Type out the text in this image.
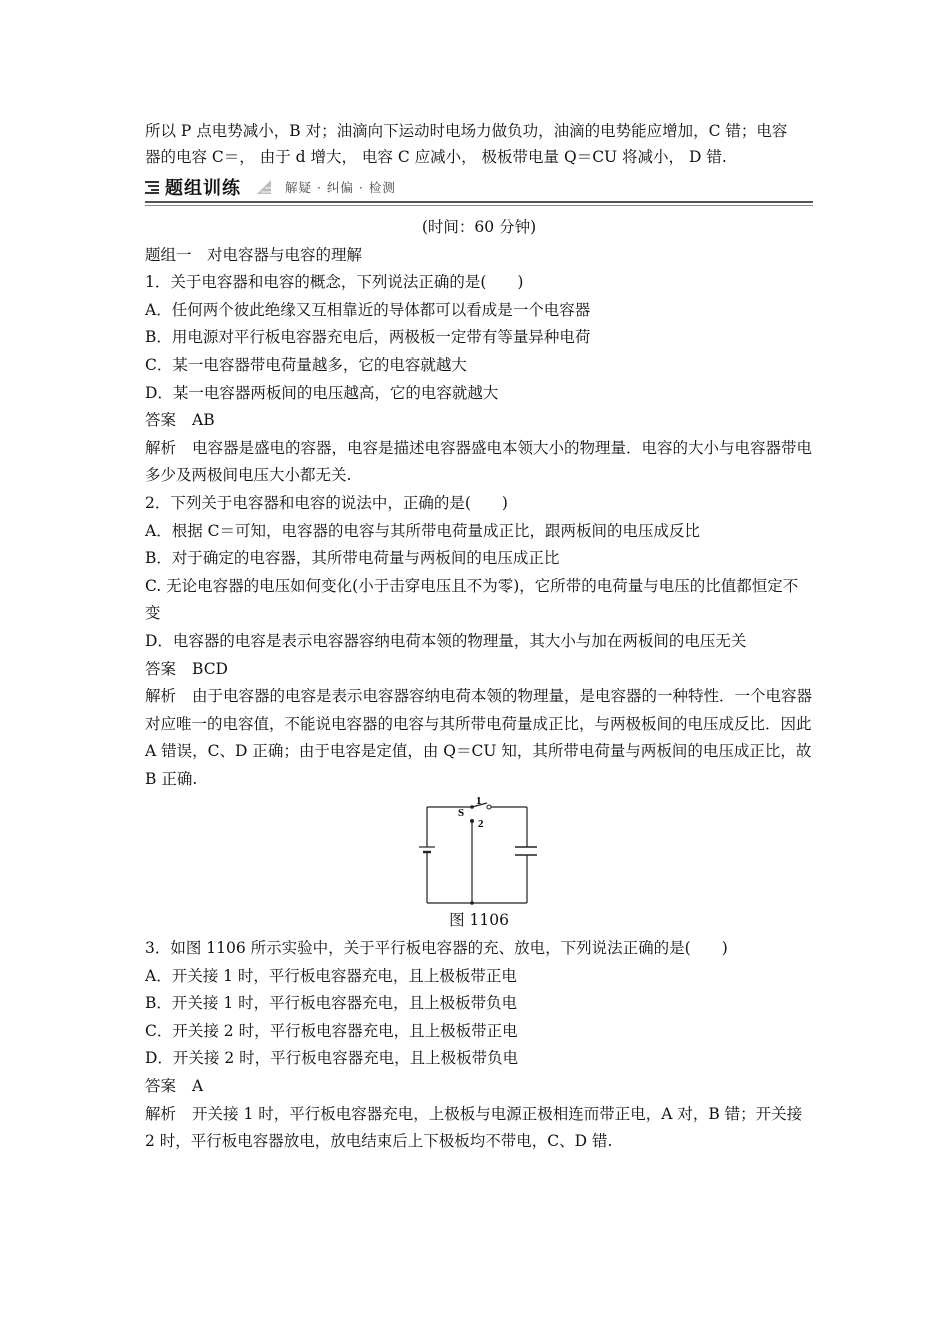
所以 P 点电势减小，B 对；油滴向下运动时电场力做负功，油滴的电势能应增加，C 错；电容
器的电容 C＝， 由于 d 增大， 电容 C 应减小， 极板带电量 Q＝CU 将减小， D 错.
题组训练	解疑 · 纠偏 · 检测
(时间：60 分钟)
题组一　对电容器与电容的理解
1．关于电容器和电容的概念，下列说法正确的是(　　)
A．任何两个彼此绝缘又互相靠近的导体都可以看成是一个电容器
B．用电源对平行板电容器充电后，两极板一定带有等量异种电荷
C．某一电容器带电荷量越多，它的电容就越大
D．某一电容器两板间的电压越高，它的电容就越大
答案 AB
解析 电容器是盛电的容器，电容是描述电容器盛电本领大小的物理量．电容的大小与电容器带电多少及两极间电压大小都无关.
2．下列关于电容器和电容的说法中，正确的是(　　)
A．根据 C＝可知，电容器的电容与其所带电荷量成正比，跟两板间的电压成反比
B．对于确定的电容器，其所带电荷量与两板间的电压成正比
C. 无论电容器的电压如何变化(小于击穿电压且不为零)，它所带的电荷量与电压的比值都恒定不变
D．电容器的电容是表示电容器容纳电荷本领的物理量，其大小与加在两板间的电压无关
答案 BCD
解析 由于电容器的电容是表示电容器容纳电荷本领的物理量，是电容器的一种特性．一个电容器对应唯一的电容值，不能说电容器的电容与其所带电荷量成正比，与两极板间的电压成反比．因此 A 错误，C、D 正确；由于电容是定值，由 Q＝CU 知，其所带电荷量与两板间的电压成正比，故 B 正确.
S
1
2
图 1106
3．如图 1106 所示实验中，关于平行板电容器的充、放电，下列说法正确的是(　　)
A．开关接 1 时，平行板电容器充电，且上极板带正电
B．开关接 1 时，平行板电容器充电，且上极板带负电
C．开关接 2 时，平行板电容器充电，且上极板带正电
D．开关接 2 时，平行板电容器充电，且上极板带负电
答案 A
解析 开关接 1 时，平行板电容器充电，上极板与电源正极相连而带正电，A 对，B 错；开关接 2 时，平行板电容器放电，放电结束后上下极板均不带电，C、D 错.
